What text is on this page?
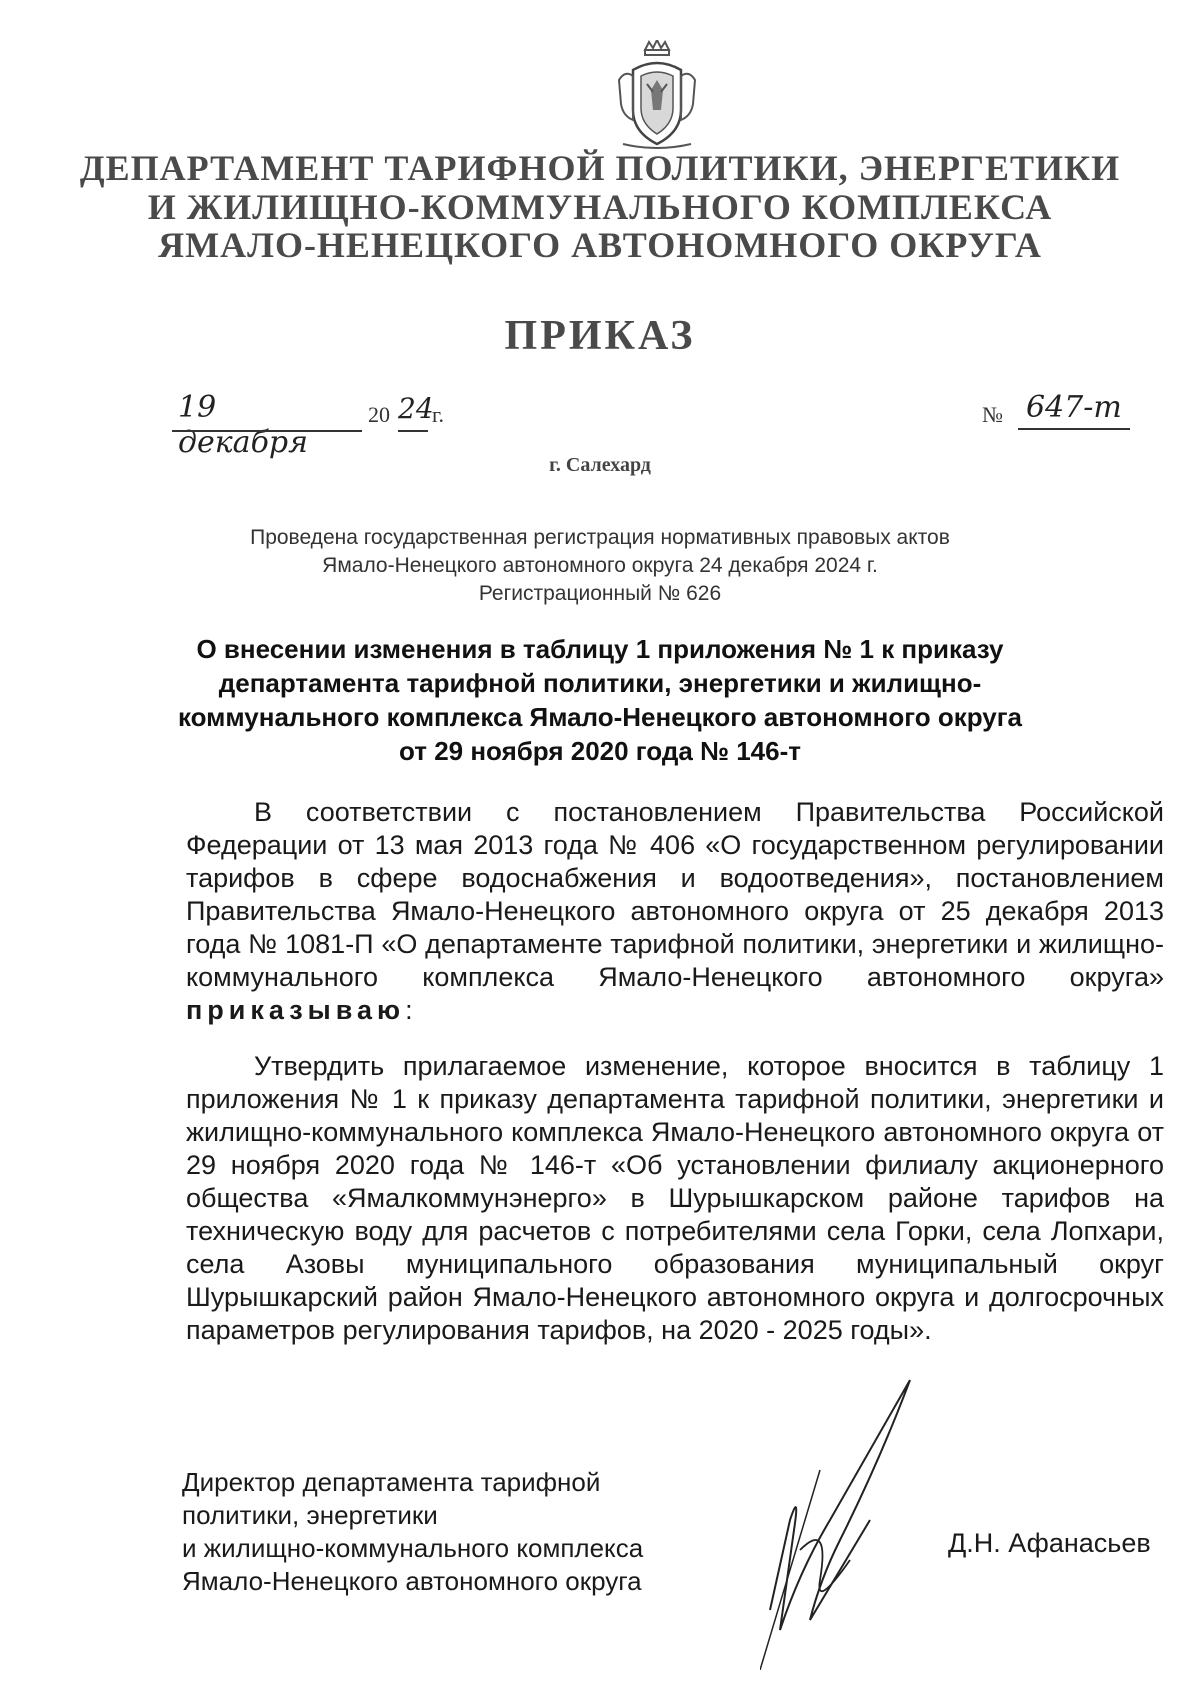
ДЕПАРТАМЕНТ ТАРИФНОЙ ПОЛИТИКИ, ЭНЕРГЕТИКИ
И ЖИЛИЩНО-КОММУНАЛЬНОГО КОМПЛЕКСА
ЯМАЛО-НЕНЕЦКОГО АВТОНОМНОГО ОКРУГА
ПРИКАЗ
19 декабря
20 24
г.	№ 647-т
г. Салехард
Проведена государственная регистрация нормативных правовых актов
Ямало-Ненецкого автономного округа 24 декабря 2024 г.
Регистрационный № 626
О внесении изменения в таблицу 1 приложения № 1 к приказу
департамента тарифной политики, энергетики и жилищно-
коммунального комплекса Ямало-Ненецкого автономного округа
от 29 ноября 2020 года № 146-т

В соответствии с постановлением Правительства Российской Федерации от 13 мая 2013 года № 406 «О государственном регулировании тарифов в сфере водоснабжения и водоотведения», постановлением Правительства Ямало-Ненецкого автономного округа от 25 декабря 2013 года № 1081-П «О департаменте тарифной политики, энергетики и жилищно-коммунального комплекса Ямало-Ненецкого автономного округа» приказываю:

Утвердить прилагаемое изменение, которое вносится в таблицу 1 приложения № 1 к приказу департамента тарифной политики, энергетики и жилищно-коммунального комплекса Ямало-Ненецкого автономного округа от 29 ноября 2020 года № 146-т «Об установлении филиалу акционерного общества «Ямалкоммунэнерго» в Шурышкарском районе тарифов на техническую воду для расчетов с потребителями села Горки, села Лопхари, села Азовы муниципального образования муниципальный округ Шурышкарский район Ямало-Ненецкого автономного округа и долгосрочных параметров регулирования тарифов, на 2020 - 2025 годы».

Директор департамента тарифной
политики, энергетики
и жилищно-коммунального комплекса
Ямало-Ненецкого автономного округа
Д.Н. Афанасьев
